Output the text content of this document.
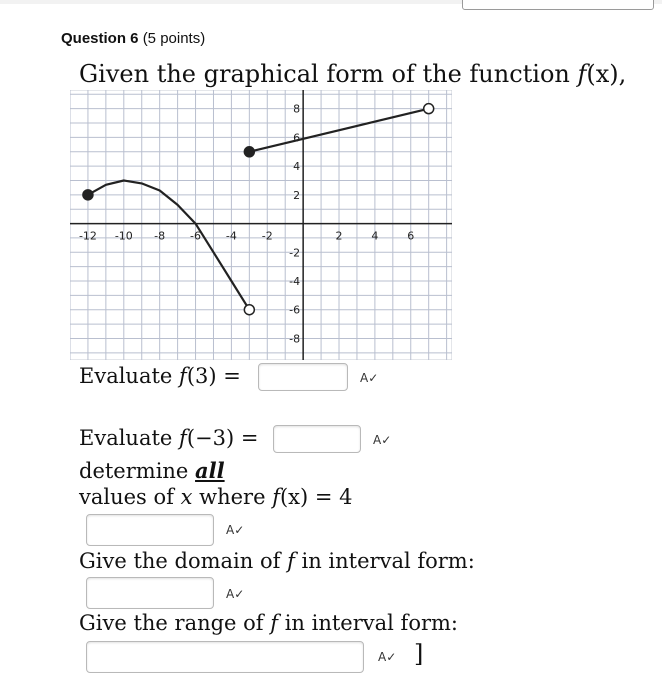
Question 6 (5 points)
Given the graphical form of the function f(x),
-12 -10 -8 -6 -4 -2	2	4	6
8
6
4
2
-2
-4
-6
-8
Evaluate f(3) =	A✓
Evaluate f(−3) =	A✓
determine all
values of x where f(x) = 4
A✓
Give the domain of f in interval form:
A✓
Give the range of f in interval form:
A✓ ]
